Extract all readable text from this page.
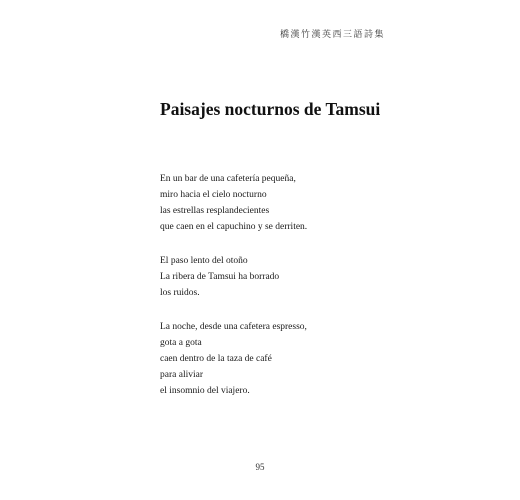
橋漢竹漢英西三語詩集
Paisajes nocturnos de Tamsui
En un bar de una cafetería pequeña,
miro hacia el cielo nocturno
las estrellas resplandecientes
que caen en el capuchino y se derriten.
El paso lento del otoño
La ribera de Tamsui ha borrado
los ruidos.
La noche, desde una cafetera espresso,
gota a gota
caen dentro de la taza de café
para aliviar
el insomnio del viajero.
95
